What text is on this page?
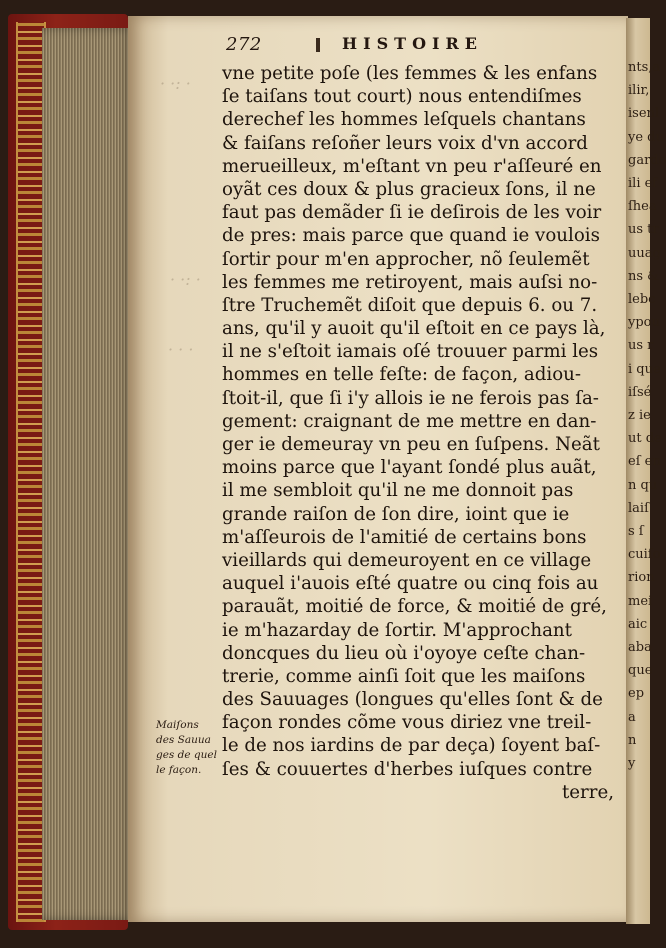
· ·: ·
· ·: ·
· · ·
272	HISTOIRE
vne petite poſe (les femmes & les enfans
ſe taiſans tout court) nous entendiſmes
derechef les hommes leſquels chantans
& faiſans reſoñer leurs voix d'vn accord
merueilleux, m'eſtant vn peu r'aſſeuré en
oyãt ces doux & plus gracieux ſons, il ne
faut pas demãder ſi ie deſirois de les voir
de pres: mais parce que quand ie voulois
ſortir pour m'en approcher, nõ ſeulemẽt
les femmes me retiroyent, mais auſsi no-
ſtre Truchemẽt diſoit que depuis 6. ou 7.
ans, qu'il y auoit qu'il eſtoit en ce pays là,
il ne s'eſtoit iamais oſé trouuer parmi les
hommes en telle feſte: de façon, adiou-
ſtoit-il, que ſi i'y allois ie ne ferois pas ſa-
gement: craignant de me mettre en dan-
ger ie demeuray vn peu en ſuſpens. Neãt
moins parce que l'ayant ſondé plus auãt,
il me sembloit qu'il ne me donnoit pas
grande raiſon de ſon dire, ioint que ie
m'aſſeurois de l'amitié de certains bons
vieillards qui demeuroyent en ce village
auquel i'auois eſté quatre ou cinq fois au
parauãt, moitié de force, & moitié de gré,
ie m'hazarday de ſortir. M'approchant
doncques du lieu où i'oyoye ceſte chan-
trerie, comme ainſi ſoit que les maiſons
des Sauuages (longues qu'elles ſont & de
façon rondes cõme vous diriez vne treil-
le de nos iardins de par deça) ſoyent baſ-
ſes & couuertes d'herbes iuſques contre
terre,
Maiſons
des Sauua
ges de quel
le façon.
nts,a
ilir,
isenl
ye du
gardo
ili ef
ſhea
us tr
uuag
ns &
lebc
ypou
us r
i que
iſsé
z ie
ut de
eſ en
n qu
laiſ
s ſ
cuiſo
rion
mei
aic
aba
que
ep
a
n
y
